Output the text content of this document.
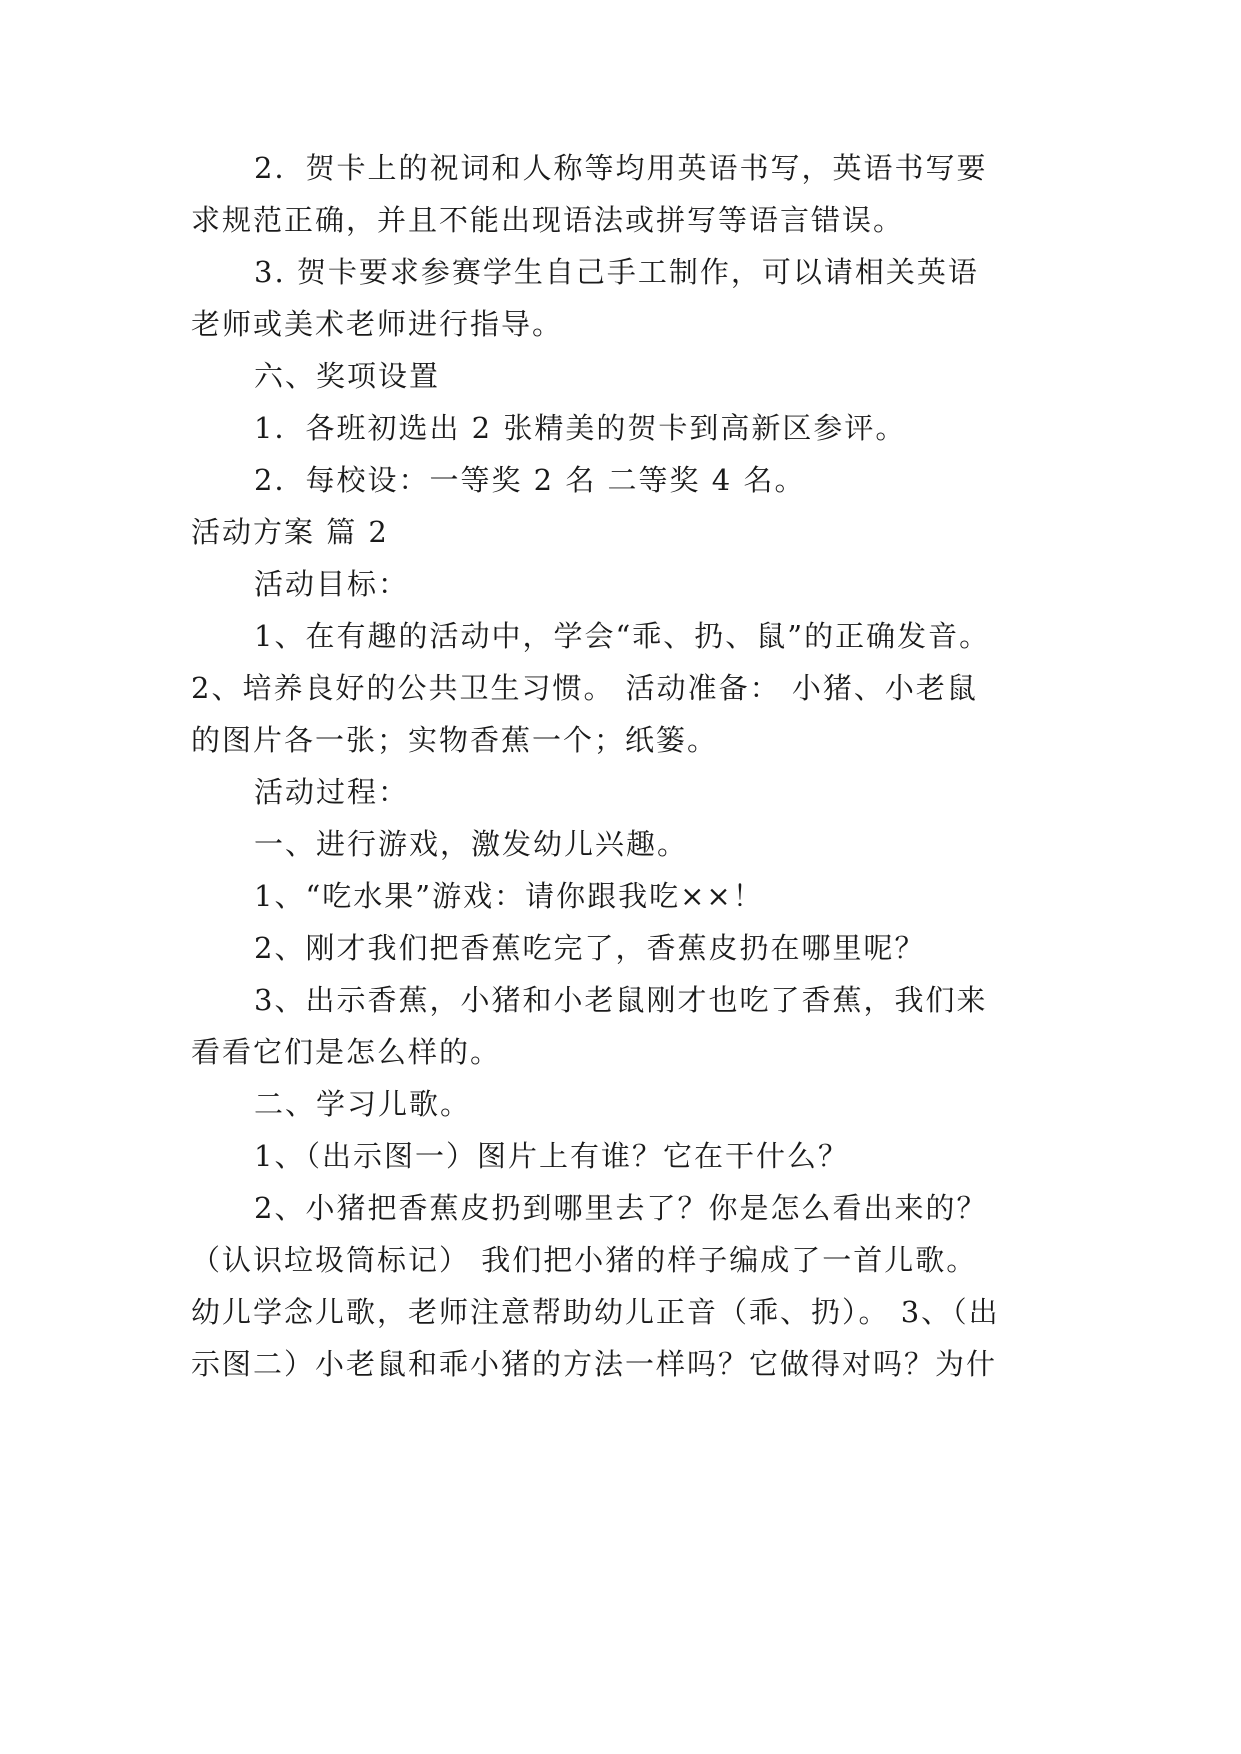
2．贺卡上的祝词和人称等均用英语书写，英语书写要
求规范正确，并且不能出现语法或拼写等语言错误。
3. 贺卡要求参赛学生自己手工制作，可以请相关英语
老师或美术老师进行指导。
六、奖项设置
1．各班初选出 2 张精美的贺卡到高新区参评。
2．每校设：一等奖 2 名 二等奖 4 名。
活动方案 篇 2
活动目标：
1、在有趣的活动中，学会“乖、扔、鼠”的正确发音。
2、培养良好的公共卫生习惯。 活动准备： 小猪、小老鼠
的图片各一张；实物香蕉一个；纸篓。
活动过程：
一、进行游戏，激发幼儿兴趣。
1、“吃水果”游戏：请你跟我吃××！
2、刚才我们把香蕉吃完了，香蕉皮扔在哪里呢？
3、出示香蕉，小猪和小老鼠刚才也吃了香蕉，我们来
看看它们是怎么样的。
二、学习儿歌。
1、（出示图一）图片上有谁？它在干什么？
2、小猪把香蕉皮扔到哪里去了？你是怎么看出来的？
（认识垃圾筒标记） 我们把小猪的样子编成了一首儿歌。
幼儿学念儿歌，老师注意帮助幼儿正音（乖、扔）。 3、（出
示图二）小老鼠和乖小猪的方法一样吗？它做得对吗？为什
